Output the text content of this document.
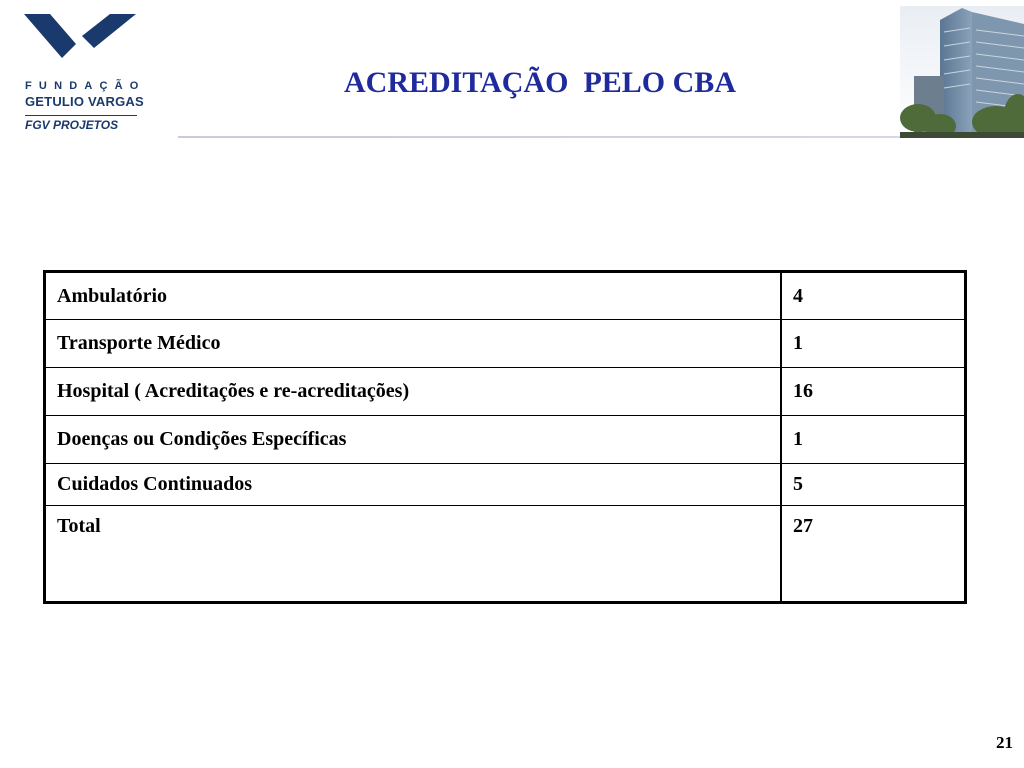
FUNDAÇÃO
GETULIO VARGAS
FGV PROJETOS
ACREDITAÇÃO  PELO CBA
Ambulatório	4
Transporte Médico	1
Hospital ( Acreditações e re-acreditações)	16
Doenças ou Condições Específicas	1
Cuidados Continuados	5
Total	27
21
